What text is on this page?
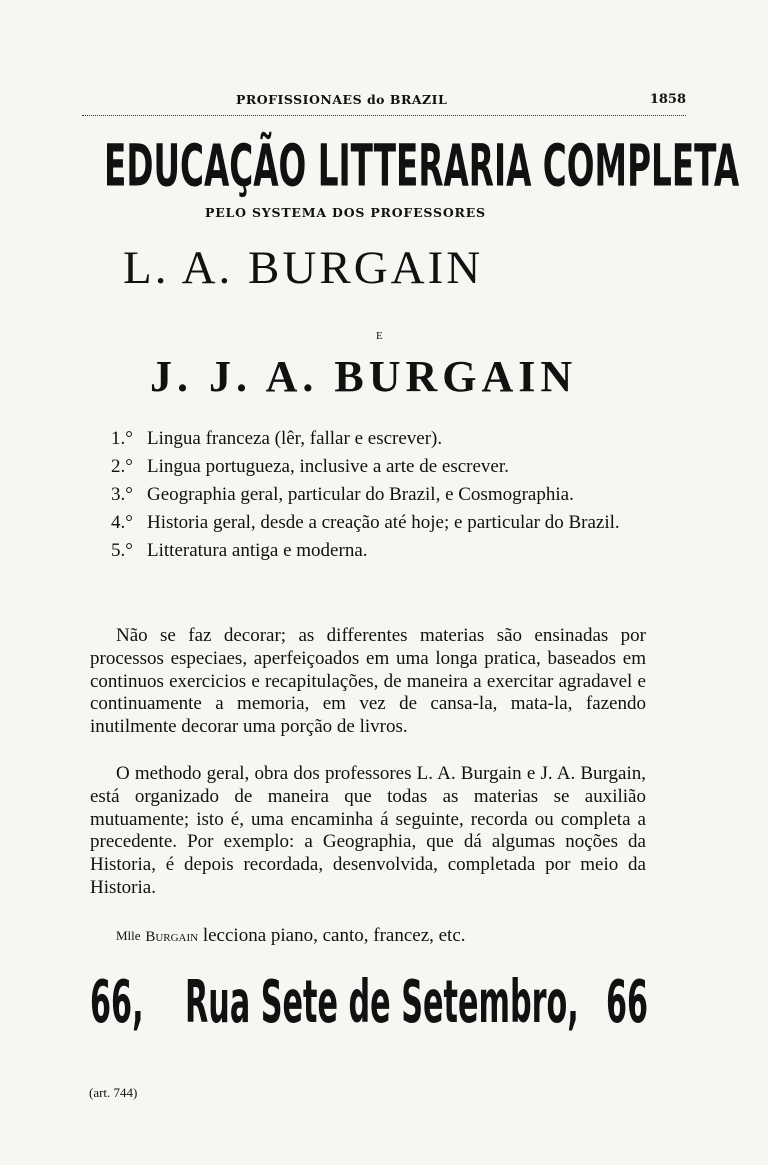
PROFISSIONAES do BRAZIL	1858
EDUCAÇÃO LITTERARIA COMPLETA
PELO SYSTEMA DOS PROFESSORES
L. A. BURGAIN
E
J. J. A. BURGAIN
1.° Lingua franceza (lêr, fallar e escrever).
2.° Lingua portugueza, inclusive a arte de escrever.
3.° Geographia geral, particular do Brazil, e Cosmographia.
4.° Historia geral, desde a creação até hoje; e particular do Brazil.
5.° Litteratura antiga e moderna.

Não se faz decorar; as differentes materias são ensinadas por processos especiaes, aperfeiçoados em uma longa pratica, baseados em continuos exercicios e recapitulações, de maneira a exercitar agradavel e continuamente a memoria, em vez de cansa-la, mata-la, fazendo inutilmente decorar uma porção de livros.

O methodo geral, obra dos professores L. A. Burgain e J. A. Burgain, está organizado de maneira que todas as materias se auxilião mutuamente; isto é, uma encaminha á seguinte, recorda ou completa a precedente. Por exemplo: a Geographia, que dá algumas noções da Historia, é depois recordada, desenvolvida, completada por meio da Historia.

$^{Mlle}$ Burgain lecciona piano, canto, francez, etc.
66, Rua Sete de Setembro, 66
(art. 744)
